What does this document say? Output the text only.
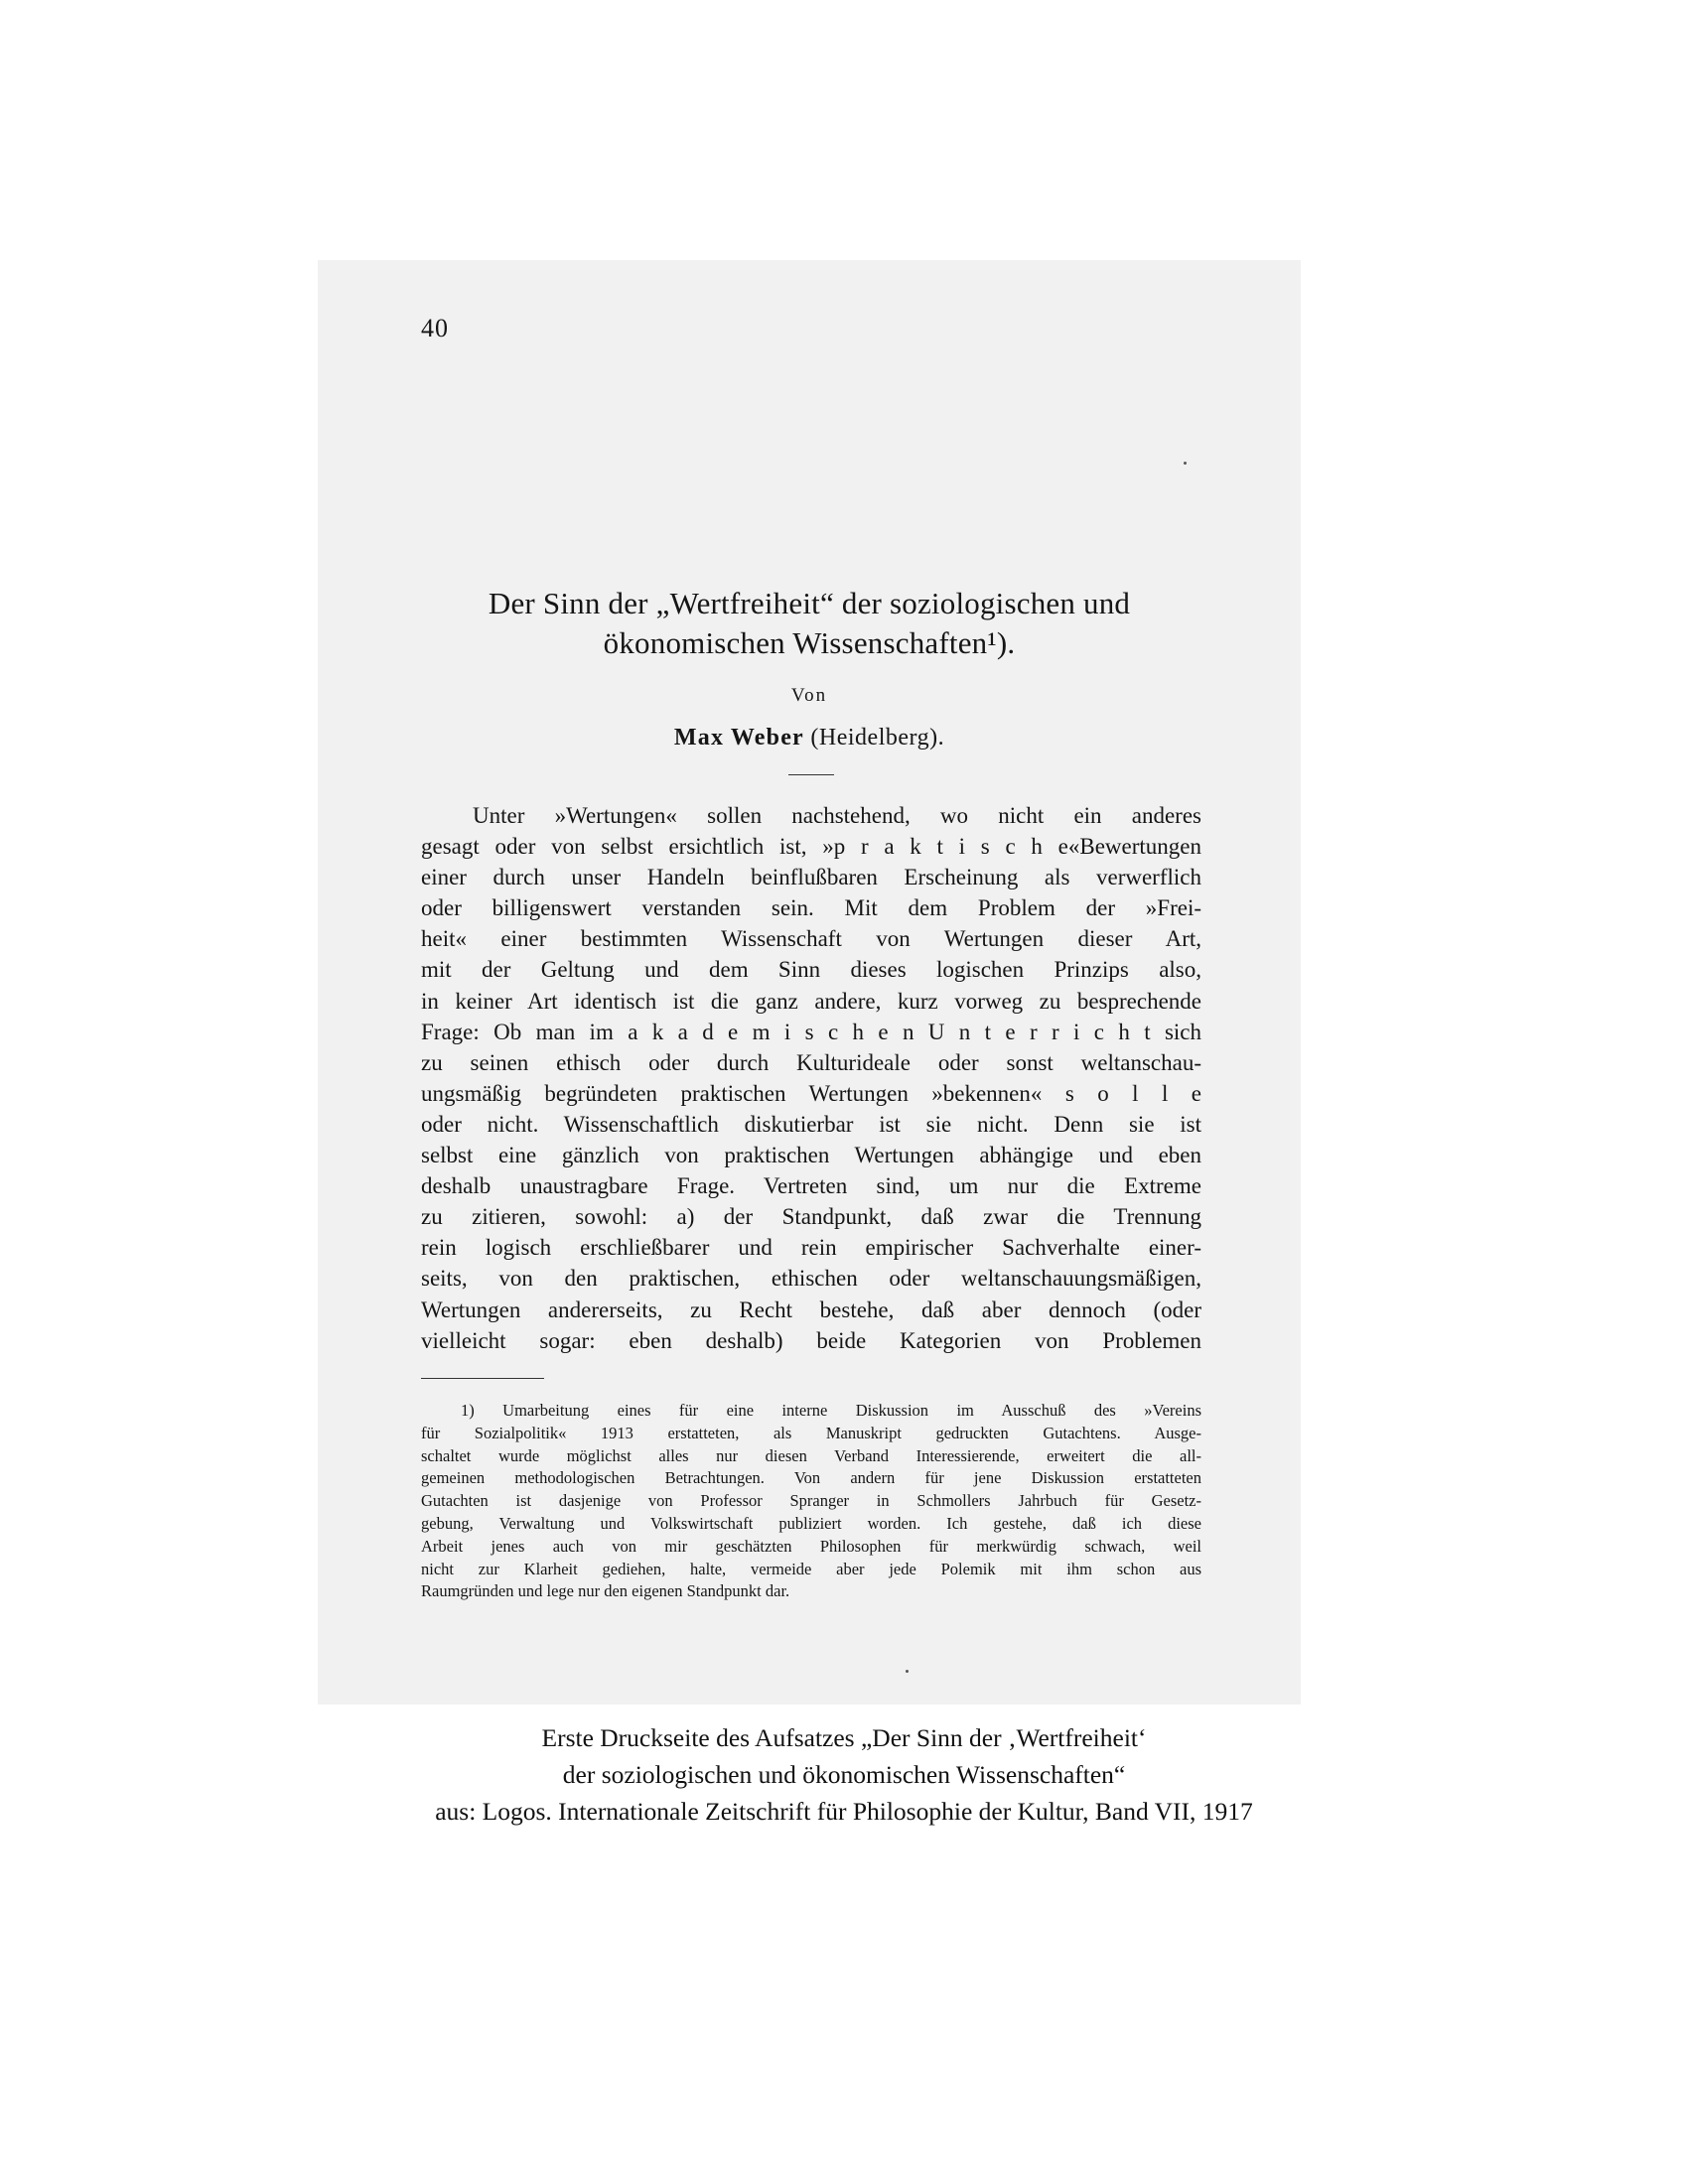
40
Der Sinn der „Wertfreiheit“ der soziologischen und
ökonomischen Wissenschaften¹).
Von
Max Weber (Heidelberg).
Unter »Wertungen« sollen nachstehend, wo nicht ein anderes
gesagt oder von selbst ersichtlich ist, »p r a k t i s c h e«Bewertungen
einer durch unser Handeln beinflußbaren Erscheinung als verwerflich
oder billigenswert verstanden sein. Mit dem Problem der »Frei-
heit« einer bestimmten Wissenschaft von Wertungen dieser Art,
mit der Geltung und dem Sinn dieses logischen Prinzips also,
in keiner Art identisch ist die ganz andere, kurz vorweg zu besprechende
Frage: Ob man im a k a d e m i s c h e n U n t e r r i c h t sich
zu seinen ethisch oder durch Kulturideale oder sonst weltanschau-
ungsmäßig begründeten praktischen Wertungen »bekennen« s o l l e
oder nicht. Wissenschaftlich diskutierbar ist sie nicht. Denn sie ist
selbst eine gänzlich von praktischen Wertungen abhängige und eben
deshalb unaustragbare Frage. Vertreten sind, um nur die Extreme
zu zitieren, sowohl: a) der Standpunkt, daß zwar die Trennung
rein logisch erschließbarer und rein empirischer Sachverhalte einer-
seits, von den praktischen, ethischen oder weltanschauungsmäßigen,
Wertungen andererseits, zu Recht bestehe, daß aber dennoch (oder
vielleicht sogar: eben deshalb) beide Kategorien von Problemen
1) Umarbeitung eines für eine interne Diskussion im Ausschuß des »Vereins
für Sozialpolitik« 1913 erstatteten, als Manuskript gedruckten Gutachtens. Ausge-
schaltet wurde möglichst alles nur diesen Verband Interessierende, erweitert die all-
gemeinen methodologischen Betrachtungen. Von andern für jene Diskussion erstatteten
Gutachten ist dasjenige von Professor Spranger in Schmollers Jahrbuch für Gesetz-
gebung, Verwaltung und Volkswirtschaft publiziert worden. Ich gestehe, daß ich diese
Arbeit jenes auch von mir geschätzten Philosophen für merkwürdig schwach, weil
nicht zur Klarheit gediehen, halte, vermeide aber jede Polemik mit ihm schon aus
Raumgründen und lege nur den eigenen Standpunkt dar.
Erste Druckseite des Aufsatzes „Der Sinn der ‚Wertfreiheit‘
der soziologischen und ökonomischen Wissenschaften“
aus: Logos. Internationale Zeitschrift für Philosophie der Kultur, Band VII, 1917
